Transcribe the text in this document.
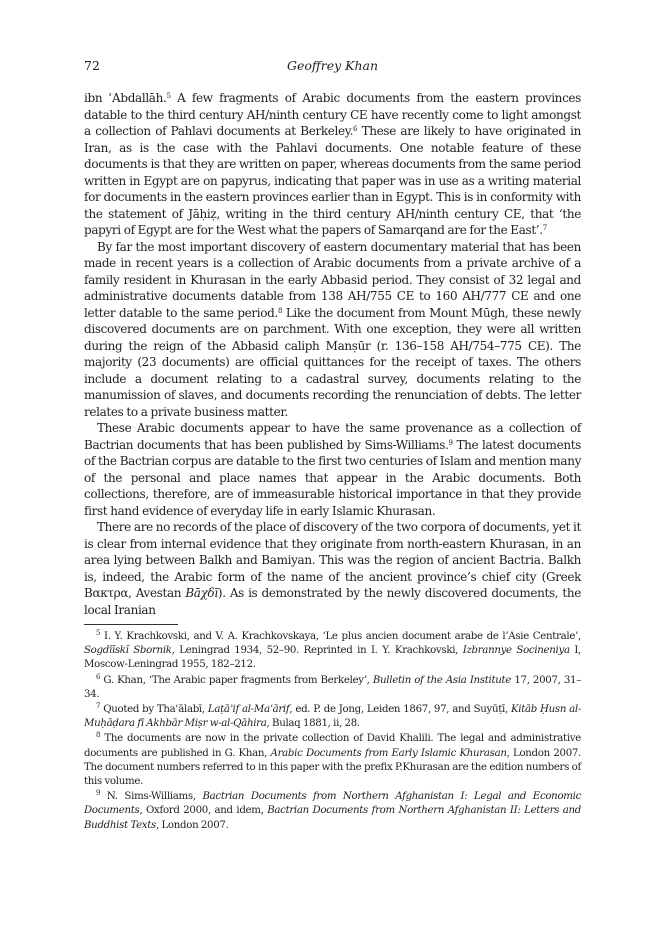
72	Geoffrey Khan

ibn ʿAbdallāh.$^5$ A few fragments of Arabic documents from the eastern provinces datable to the third century AH/ninth century CE have recently come to light amongst a collection of Pahlavi documents at Berkeley.$^6$ These are likely to have originated in Iran, as is the case with the Pahlavi documents. One notable feature of these documents is that they are written on paper, whereas documents from the same period written in Egypt are on papyrus, indicating that paper was in use as a writing material for documents in the eastern provinces earlier than in Egypt. This is in conformity with the statement of Jāḥiẓ, writing in the third century AH/ninth century CE, that ‘the papyri of Egypt are for the West what the papers of Samarqand are for the East’.$^7$

By far the most important discovery of eastern documentary material that has been made in recent years is a collection of Arabic documents from a private archive of a family resident in Khurasan in the early Abbasid period. They consist of 32 legal and administrative documents datable from 138 AH/755 CE to 160 AH/777 CE and one letter datable to the same period.$^8$ Like the document from Mount Mūgh, these newly discovered documents are on parchment. With one exception, they were all written during the reign of the Abbasid caliph Manṣūr (r. 136–158 AH/754–775 CE). The majority (23 documents) are official quittances for the receipt of taxes. The others include a document relating to a cadastral survey, documents relating to the manumission of slaves, and documents recording the renunciation of debts. The letter relates to a private business matter.

These Arabic documents appear to have the same provenance as a collection of Bactrian documents that has been published by Sims-Williams.$^9$ The latest documents of the Bactrian corpus are datable to the first two centuries of Islam and mention many of the personal and place names that appear in the Arabic documents. Both collections, therefore, are of immeasurable historical importance in that they provide first hand evidence of everyday life in early Islamic Khurasan.

There are no records of the place of discovery of the two corpora of documents, yet it is clear from internal evidence that they originate from north-eastern Khurasan, in an area lying between Balkh and Bamiyan. This was the region of ancient Bactria. Balkh is, indeed, the Arabic form of the name of the ancient province’s chief city (Greek Βακτρα, Avestan Bāχδī). As is demonstrated by the newly discovered documents, the local Iranian

$^5$ I. Y. Krachkovski, and V. A. Krachkovskaya, ‘Le plus ancien document arabe de l’Asie Centrale’, Sogdīĭskĭ Sbornik, Leningrad 1934, 52–90. Reprinted in I. Y. Krachkovski, Izbrannye Socineniya I, Moscow-Leningrad 1955, 182–212.

$^6$ G. Khan, ‘The Arabic paper fragments from Berkeley’, Bulletin of the Asia Institute 17, 2007, 31–34.

$^7$ Quoted by Thaʿālabī, Laṭāʾif al-Maʿārif, ed. P. de Jong, Leiden 1867, 97, and Suyūṭī, Kitāb Ḥusn al-Muḥāḍara fī Akhbār Miṣr w-al-Qāhira, Bulaq 1881, ii, 28.

$^8$ The documents are now in the private collection of David Khalili. The legal and administrative documents are published in G. Khan, Arabic Documents from Early Islamic Khurasan, London 2007. The document numbers referred to in this paper with the prefix P.Khurasan are the edition numbers of this volume.

$^9$ N. Sims-Williams, Bactrian Documents from Northern Afghanistan I: Legal and Economic Documents, Oxford 2000, and idem, Bactrian Documents from Northern Afghanistan II: Letters and Buddhist Texts, London 2007.
